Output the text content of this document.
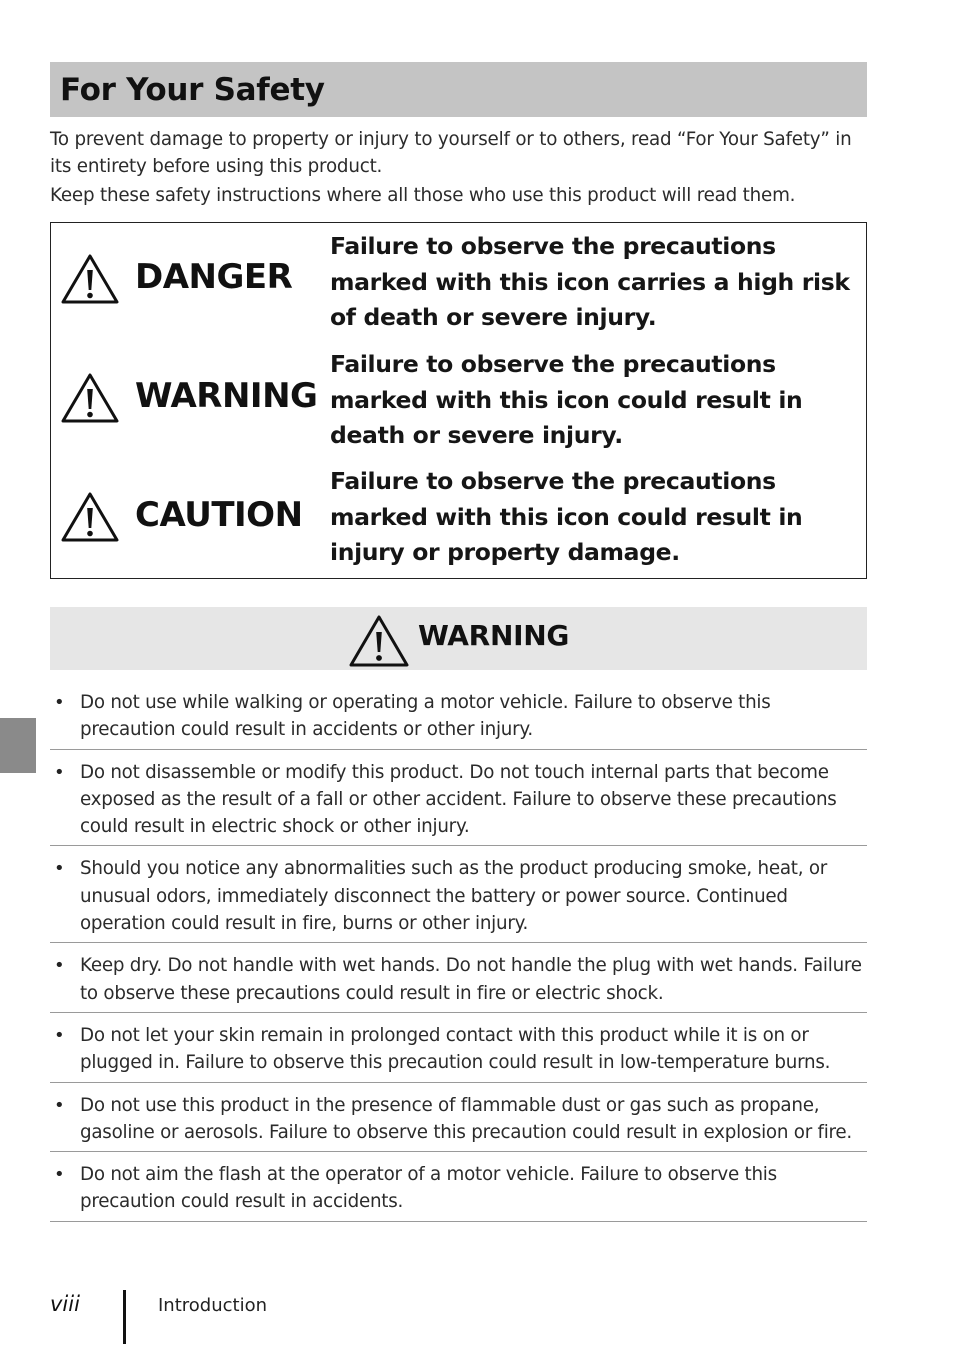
For Your Safety

To prevent damage to property or injury to yourself or to others, read “For Your Safety” in its entirety before using this product.

Keep these safety instructions where all those who use this product will read them.

DANGER
Failure to observe the precautions marked with this icon carries a high risk of death or severe injury.
WARNING
Failure to observe the precautions marked with this icon could result in death or severe injury.
CAUTION
Failure to observe the precautions marked with this icon could result in injury or property damage.
WARNING
• Do not use while walking or operating a motor vehicle. Failure to observe this precaution could result in accidents or other injury.
• Do not disassemble or modify this product. Do not touch internal parts that become exposed as the result of a fall or other accident. Failure to observe these precautions could result in electric shock or other injury.
• Should you notice any abnormalities such as the product producing smoke, heat, or unusual odors, immediately disconnect the battery or power source. Continued operation could result in fire, burns or other injury.
• Keep dry. Do not handle with wet hands. Do not handle the plug with wet hands. Failure to observe these precautions could result in fire or electric shock.
• Do not let your skin remain in prolonged contact with this product while it is on or plugged in. Failure to observe this precaution could result in low-temperature burns.
• Do not use this product in the presence of flammable dust or gas such as propane, gasoline or aerosols. Failure to observe this precaution could result in explosion or fire.
• Do not aim the flash at the operator of a motor vehicle. Failure to observe this precaution could result in accidents.
viii	Introduction
